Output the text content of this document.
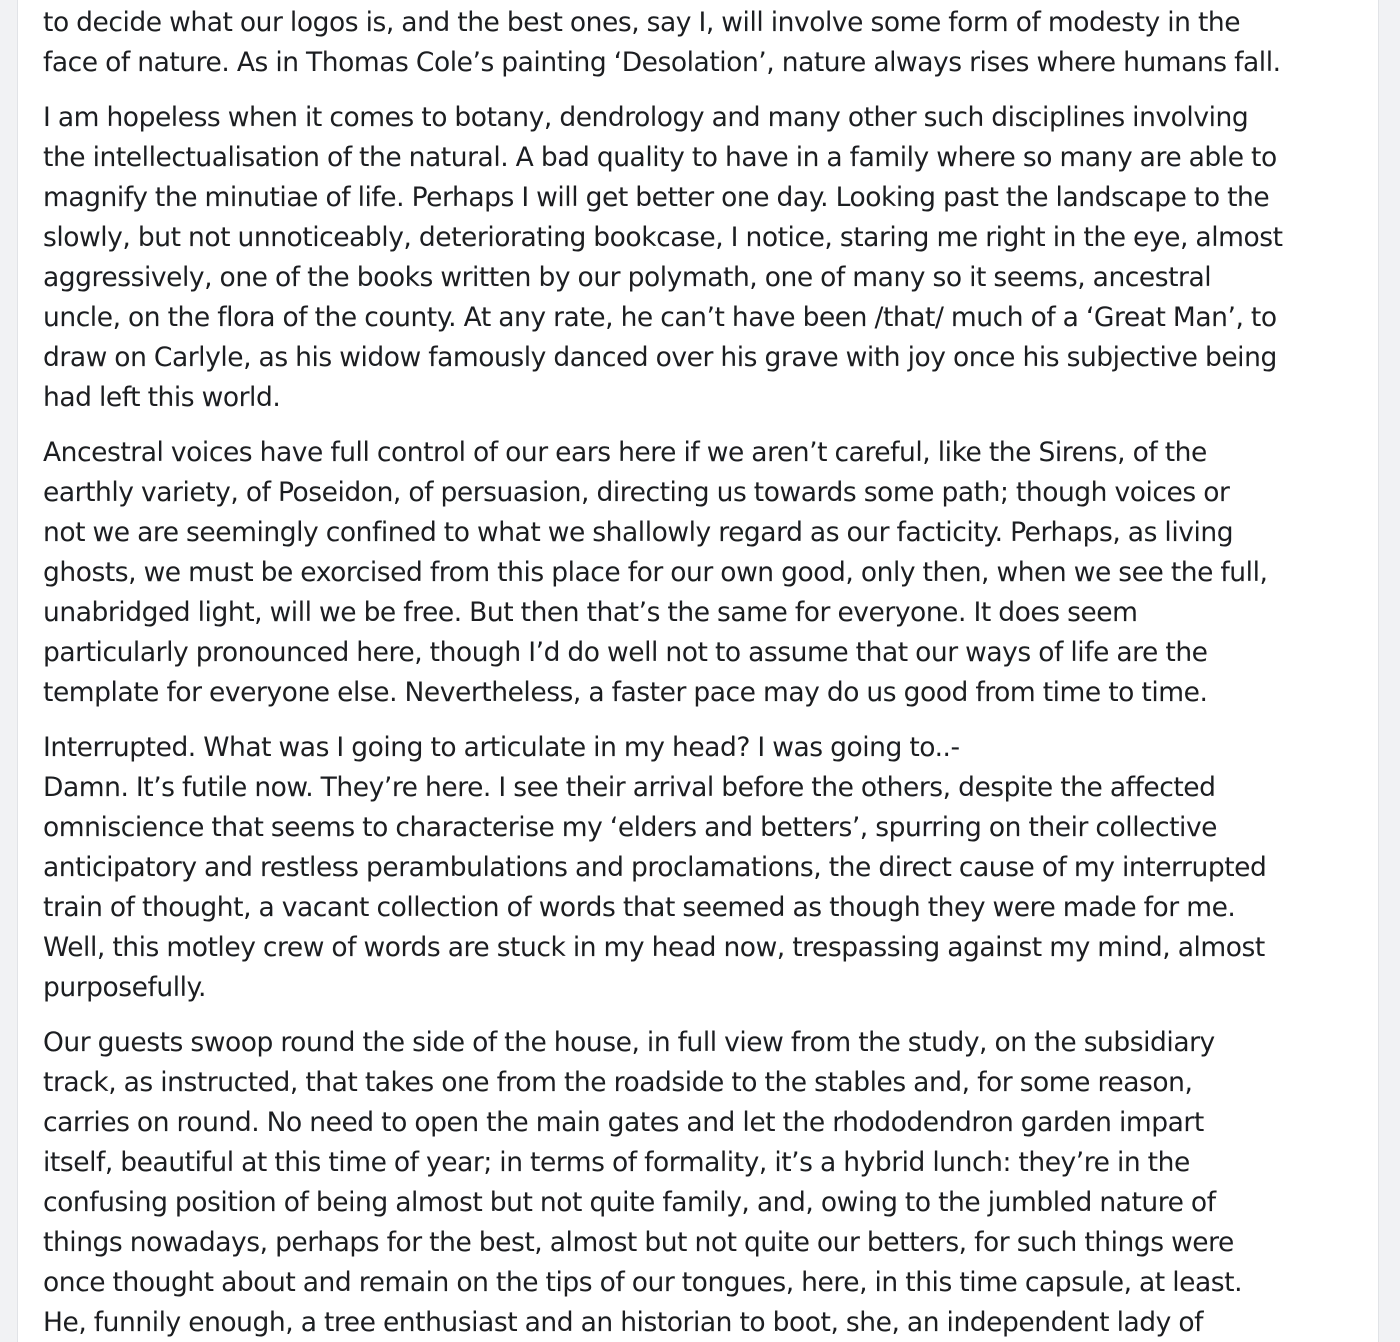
to decide what our logos is, and the best ones, say I, will involve some form of modesty in the
face of nature. As in Thomas Cole’s painting ‘Desolation’, nature always rises where humans fall.

I am hopeless when it comes to botany, dendrology and many other such disciplines involving
the intellectualisation of the natural. A bad quality to have in a family where so many are able to
magnify the minutiae of life. Perhaps I will get better one day. Looking past the landscape to the
slowly, but not unnoticeably, deteriorating bookcase, I notice, staring me right in the eye, almost
aggressively, one of the books written by our polymath, one of many so it seems, ancestral
uncle, on the flora of the county. At any rate, he can’t have been /that/ much of a ‘Great Man’, to
draw on Carlyle, as his widow famously danced over his grave with joy once his subjective being
had left this world.

Ancestral voices have full control of our ears here if we aren’t careful, like the Sirens, of the
earthly variety, of Poseidon, of persuasion, directing us towards some path; though voices or
not we are seemingly confined to what we shallowly regard as our facticity. Perhaps, as living
ghosts, we must be exorcised from this place for our own good, only then, when we see the full,
unabridged light, will we be free. But then that’s the same for everyone. It does seem
particularly pronounced here, though I’d do well not to assume that our ways of life are the
template for everyone else. Nevertheless, a faster pace may do us good from time to time.

Interrupted. What was I going to articulate in my head? I was going to..-
Damn. It’s futile now. They’re here. I see their arrival before the others, despite the affected
omniscience that seems to characterise my ‘elders and betters’, spurring on their collective
anticipatory and restless perambulations and proclamations, the direct cause of my interrupted
train of thought, a vacant collection of words that seemed as though they were made for me.
Well, this motley crew of words are stuck in my head now, trespassing against my mind, almost
purposefully.

Our guests swoop round the side of the house, in full view from the study, on the subsidiary
track, as instructed, that takes one from the roadside to the stables and, for some reason,
carries on round. No need to open the main gates and let the rhododendron garden impart
itself, beautiful at this time of year; in terms of formality, it’s a hybrid lunch: they’re in the
confusing position of being almost but not quite family, and, owing to the jumbled nature of
things nowadays, perhaps for the best, almost but not quite our betters, for such things were
once thought about and remain on the tips of our tongues, here, in this time capsule, at least.
He, funnily enough, a tree enthusiast and an historian to boot, she, an independent lady of
